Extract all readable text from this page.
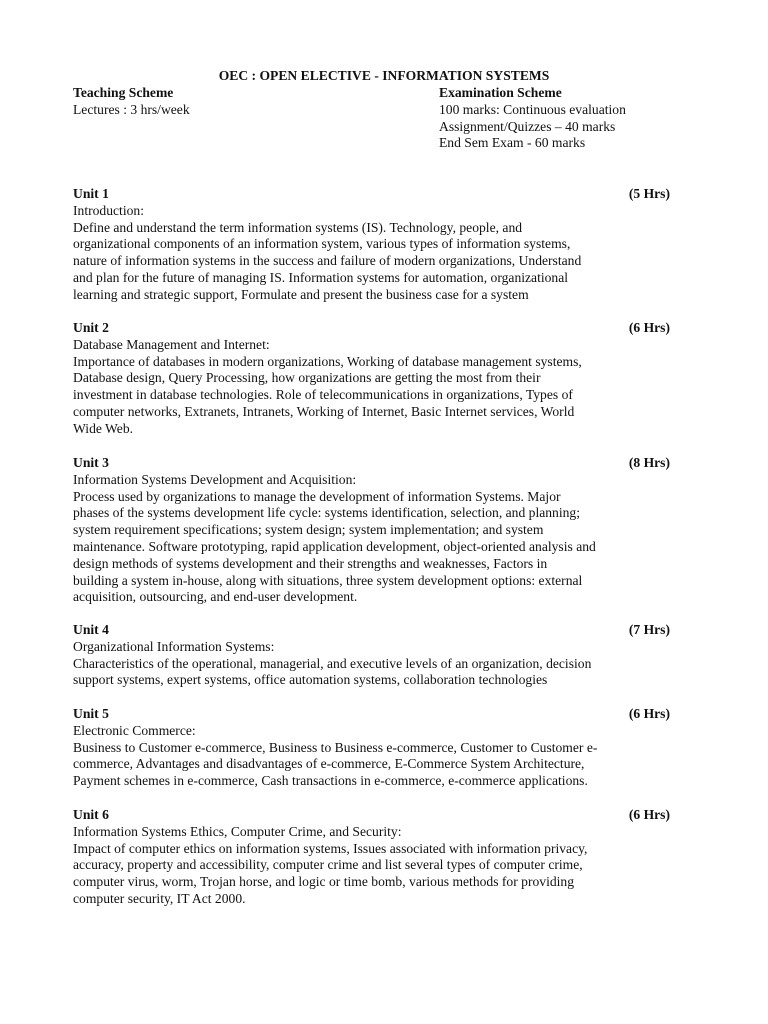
OEC : OPEN ELECTIVE - INFORMATION SYSTEMS
Teaching Scheme
Lectures : 3 hrs/week
Examination Scheme
100 marks: Continuous evaluation
Assignment/Quizzes – 40 marks
End Sem Exam - 60 marks
Unit 1	(5 Hrs)
Introduction:
Define and understand the term information systems (IS). Technology, people, and
organizational components of an information system, various types of information systems,
nature of information systems in the success and failure of modern organizations, Understand
and plan for the future of managing IS. Information systems for automation, organizational
learning and strategic support, Formulate and present the business case for a system
Unit 2	(6 Hrs)
Database Management and Internet:
Importance of databases in modern organizations, Working of database management systems,
Database design, Query Processing, how organizations are getting the most from their
investment in database technologies. Role of telecommunications in organizations, Types of
computer networks, Extranets, Intranets, Working of Internet, Basic Internet services, World
Wide Web.
Unit 3	(8 Hrs)
Information Systems Development and Acquisition:
Process used by organizations to manage the development of information Systems. Major
phases of the systems development life cycle: systems identification, selection, and planning;
system requirement specifications; system design; system implementation; and system
maintenance. Software prototyping, rapid application development, object-oriented analysis and
design methods of systems development and their strengths and weaknesses, Factors in
building a system in-house, along with situations, three system development options: external
acquisition, outsourcing, and end-user development.
Unit 4	(7 Hrs)
Organizational Information Systems:
Characteristics of the operational, managerial, and executive levels of an organization, decision
support systems, expert systems, office automation systems, collaboration technologies
Unit 5	(6 Hrs)
Electronic Commerce:
Business to Customer e-commerce, Business to Business e-commerce, Customer to Customer e-
commerce, Advantages and disadvantages of e-commerce, E-Commerce System Architecture,
Payment schemes in e-commerce, Cash transactions in e-commerce, e-commerce applications.
Unit 6	(6 Hrs)
Information Systems Ethics, Computer Crime, and Security:
Impact of computer ethics on information systems, Issues associated with information privacy,
accuracy, property and accessibility, computer crime and list several types of computer crime,
computer virus, worm, Trojan horse, and logic or time bomb, various methods for providing
computer security, IT Act 2000.
